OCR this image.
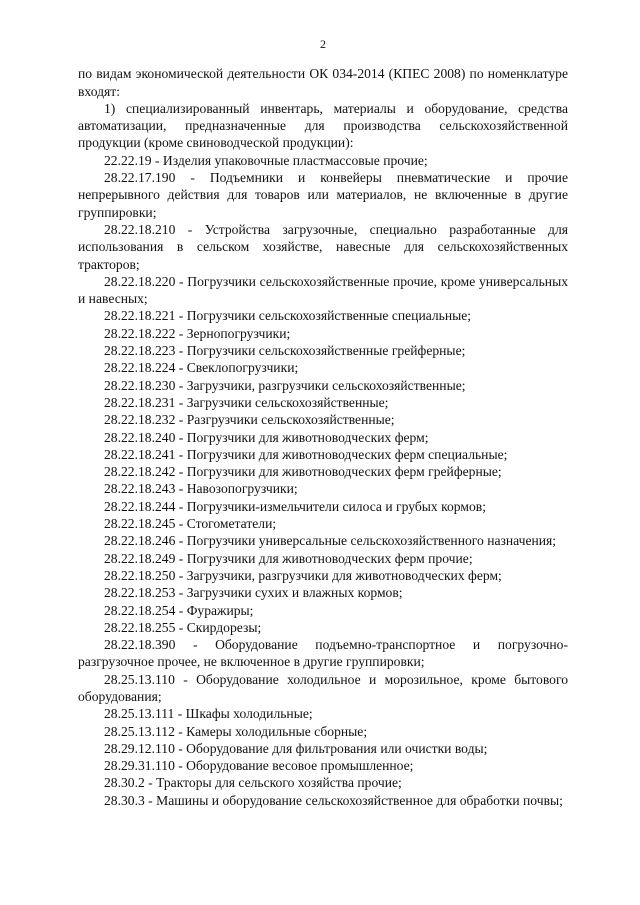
2

по видам экономической деятельности ОК 034-2014 (КПЕС 2008) по номенклатуре входят:

1) специализированный инвентарь, материалы и оборудование, средства автоматизации, предназначенные для производства сельскохозяйственной продукции (кроме свиноводческой продукции):

22.22.19 - Изделия упаковочные пластмассовые прочие;

28.22.17.190 - Подъемники и конвейеры пневматические и прочие непрерывного действия для товаров или материалов, не включенные в другие группировки;

28.22.18.210 - Устройства загрузочные, специально разработанные для использования в сельском хозяйстве, навесные для сельскохозяйственных тракторов;

28.22.18.220 - Погрузчики сельскохозяйственные прочие, кроме универсальных и навесных;

28.22.18.221 - Погрузчики сельскохозяйственные специальные;

28.22.18.222 - Зернопогрузчики;

28.22.18.223 - Погрузчики сельскохозяйственные грейферные;

28.22.18.224 - Свеклопогрузчики;

28.22.18.230 - Загрузчики, разгрузчики сельскохозяйственные;

28.22.18.231 - Загрузчики сельскохозяйственные;

28.22.18.232 - Разгрузчики сельскохозяйственные;

28.22.18.240 - Погрузчики для животноводческих ферм;

28.22.18.241 - Погрузчики для животноводческих ферм специальные;

28.22.18.242 - Погрузчики для животноводческих ферм грейферные;

28.22.18.243 - Навозопогрузчики;

28.22.18.244 - Погрузчики-измельчители силоса и грубых кормов;

28.22.18.245 - Стогометатели;

28.22.18.246 - Погрузчики универсальные сельскохозяйственного назначения;

28.22.18.249 - Погрузчики для животноводческих ферм прочие;

28.22.18.250 - Загрузчики, разгрузчики для животноводческих ферм;

28.22.18.253 - Загрузчики сухих и влажных кормов;

28.22.18.254 - Фуражиры;

28.22.18.255 - Скирдорезы;

28.22.18.390 - Оборудование подъемно-транспортное и погрузочно-разгрузочное прочее, не включенное в другие группировки;

28.25.13.110 - Оборудование холодильное и морозильное, кроме бытового оборудования;

28.25.13.111 - Шкафы холодильные;

28.25.13.112 - Камеры холодильные сборные;

28.29.12.110 - Оборудование для фильтрования или очистки воды;

28.29.31.110 - Оборудование весовое промышленное;

28.30.2 - Тракторы для сельского хозяйства прочие;

28.30.3 - Машины и оборудование сельскохозяйственное для обработки почвы;
